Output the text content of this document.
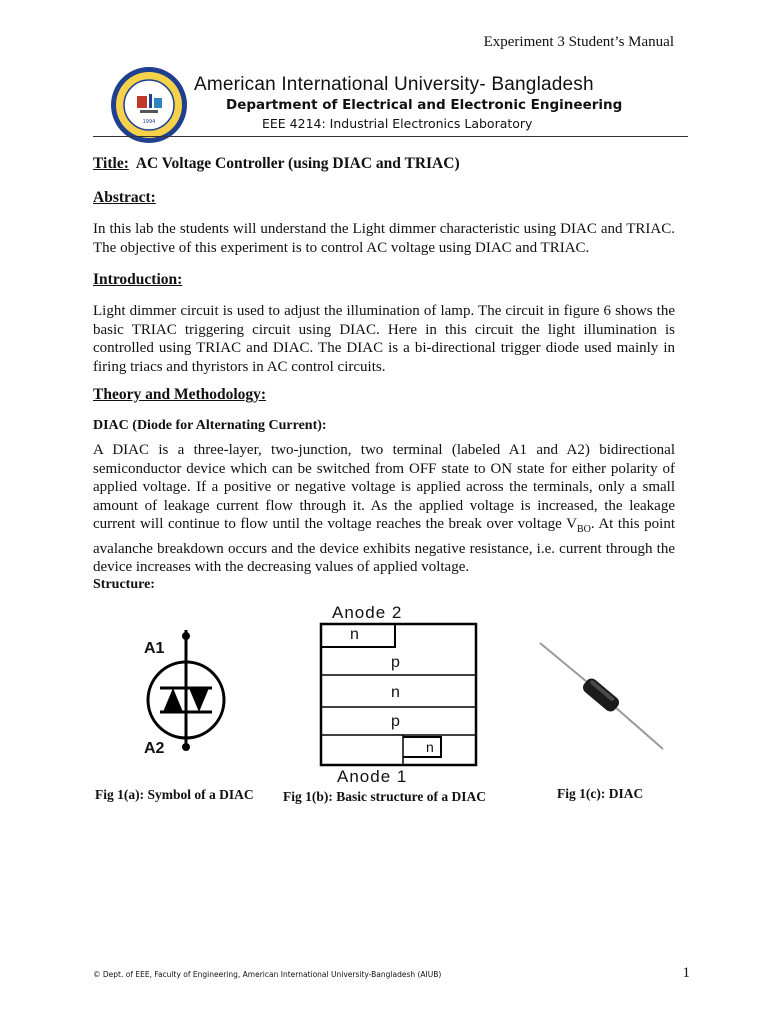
Experiment 3 Student’s Manual
1994
American International University- Bangladesh
Department of Electrical and Electronic Engineering
EEE 4214: Industrial Electronics Laboratory
Title: AC Voltage Controller (using DIAC and TRIAC)
Abstract:
In this lab the students will understand the Light dimmer characteristic using DIAC and TRIAC. The objective of this experiment is to control AC voltage using DIAC and TRIAC.
Introduction:
Light dimmer circuit is used to adjust the illumination of lamp. The circuit in figure 6 shows the basic TRIAC triggering circuit using DIAC. Here in this circuit the light illumination is controlled using TRIAC and DIAC. The DIAC is a bi-directional trigger diode used mainly in firing triacs and thyristors in AC control circuits.
Theory and Methodology:
DIAC (Diode for Alternating Current):
A DIAC is a three-layer, two-junction, two terminal (labeled A1 and A2) bidirectional semiconductor device which can be switched from OFF state to ON state for either polarity of applied voltage. If a positive or negative voltage is applied across the terminals, only a small amount of leakage current flow through it. As the applied voltage is increased, the leakage current will continue to flow until the voltage reaches the break over voltage $V_{BO}$. At this point avalanche breakdown occurs and the device exhibits negative resistance, i.e. current through the device increases with the decreasing values of applied voltage.
Structure:
A1
A2
Fig 1(a): Symbol of a DIAC
Anode 2
n
p
n
p
n
Anode 1
Fig 1(b): Basic structure of a DIAC	Fig 1(c): DIAC
© Dept. of EEE, Faculty of Engineering, American International University-Bangladesh (AIUB)	1
